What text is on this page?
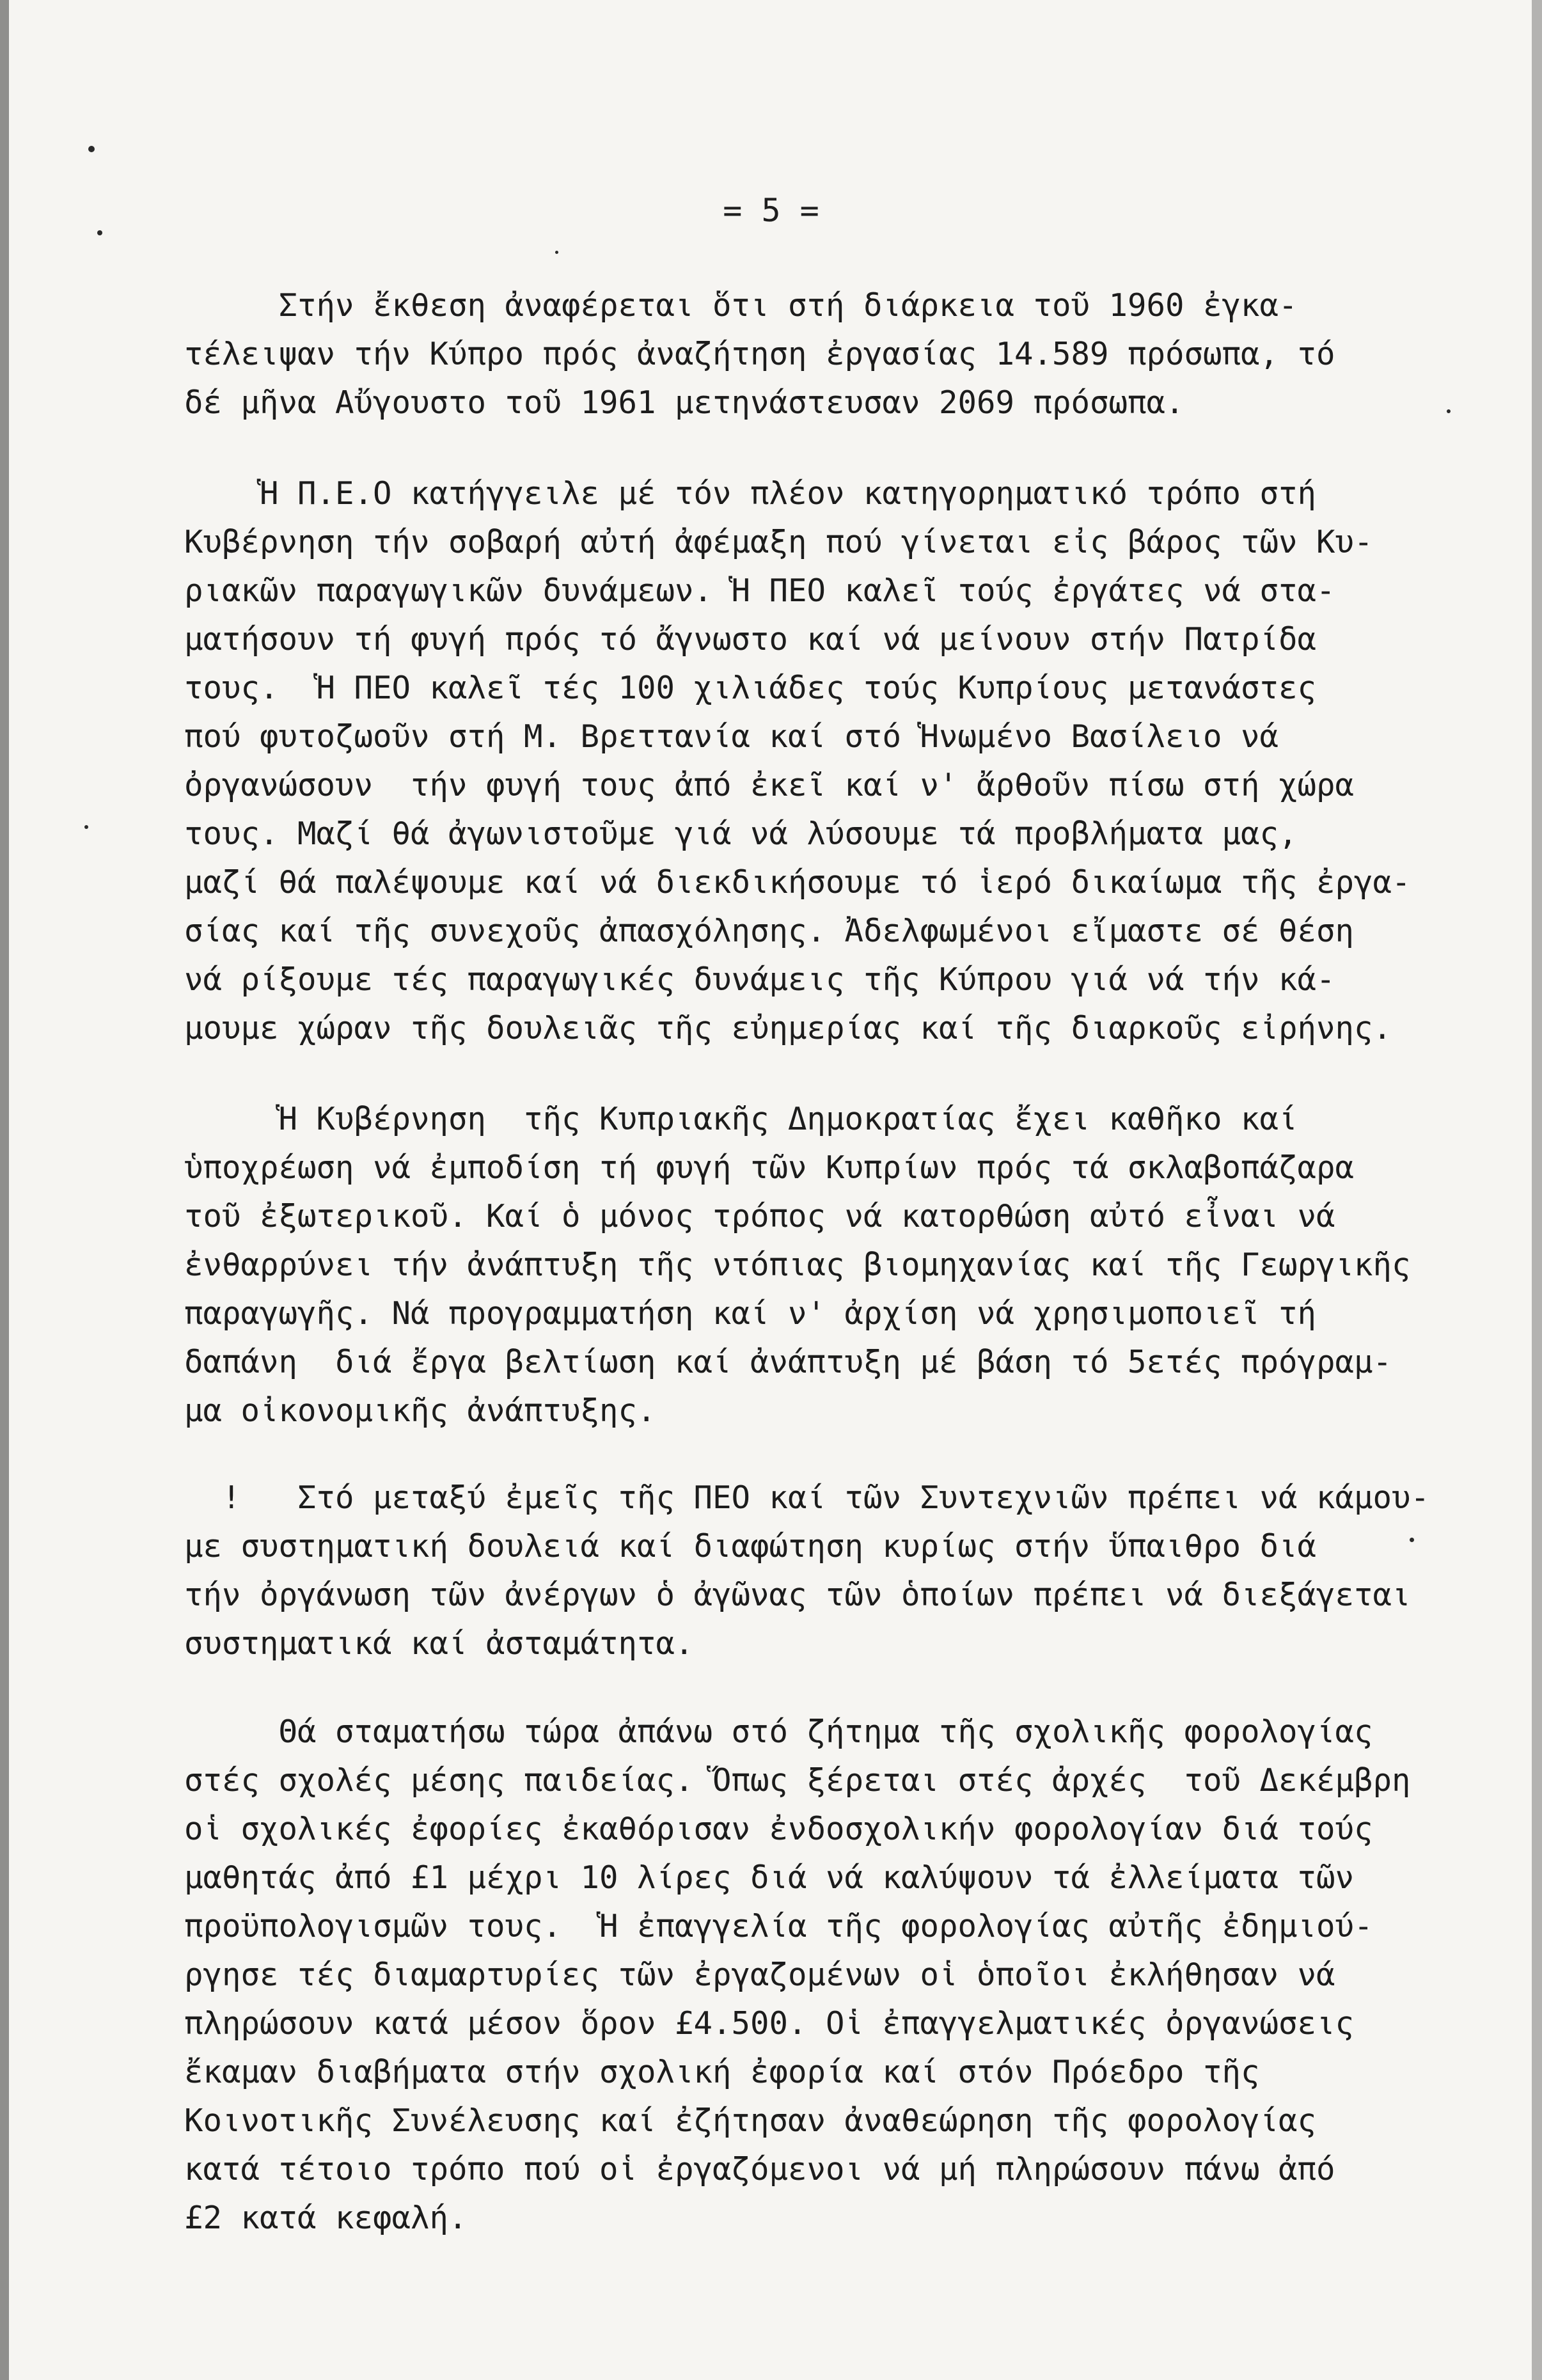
= 5 =
Στήν ἔκθεση ἀναφέρεται ὅτι στή διάρκεια τοῦ 1960 ἐγκα-
τέλειψαν τήν Κύπρο πρός ἀναζήτηση ἐργασίας 14.589 πρόσωπα, τό
δέ μῆνα Αὔγουστο τοῦ 1961 μετηνάστευσαν 2069 πρόσωπα.
Ἡ Π.Ε.Ο κατήγγειλε μέ τόν πλέον κατηγορηματικό τρόπο στή
Κυβέρνηση τήν σοβαρή αὐτή ἀφέμαξη πού γίνεται εἰς βάρος τῶν Κυ-
ριακῶν παραγωγικῶν δυνάμεων. Ἡ ΠΕΟ καλεῖ τούς ἐργάτες νά στα-
ματήσουν τή φυγή πρός τό ἄγνωστο καί νά μείνουν στήν Πατρίδα
τους.  Ἡ ΠΕΟ καλεῖ τές 100 χιλιάδες τούς Κυπρίους μετανάστες
πού φυτοζωοῦν στή Μ. Βρεττανία καί στό Ἡνωμένο Βασίλειο νά
ὀργανώσουν  τήν φυγή τους ἀπό ἐκεῖ καί ν' ἄρθοῦν πίσω στή χώρα
τους. Μαζί θά ἀγωνιστοῦμε γιά νά λύσουμε τά προβλήματα μας,
μαζί θά παλέψουμε καί νά διεκδικήσουμε τό ἱερό δικαίωμα τῆς ἐργα-
σίας καί τῆς συνεχοῦς ἀπασχόλησης. Ἀδελφωμένοι εἴμαστε σέ θέση
νά ρίξουμε τές παραγωγικές δυνάμεις τῆς Κύπρου γιά νά τήν κά-
μουμε χώραν τῆς δουλειᾶς τῆς εὐημερίας καί τῆς διαρκοῦς εἰρήνης.
Ἡ Κυβέρνηση  τῆς Κυπριακῆς Δημοκρατίας ἔχει καθῆκο καί
ὑποχρέωση νά ἐμποδίση τή φυγή τῶν Κυπρίων πρός τά σκλαβοπάζαρα
τοῦ ἐξωτερικοῦ. Καί ὁ μόνος τρόπος νά κατορθώση αὐτό εἶναι νά
ἐνθαρρύνει τήν ἀνάπτυξη τῆς ντόπιας βιομηχανίας καί τῆς Γεωργικῆς
παραγωγῆς. Νά προγραμματήση καί ν' ἀρχίση νά χρησιμοποιεῖ τή
δαπάνη  διά ἔργα βελτίωση καί ἀνάπτυξη μέ βάση τό 5ετές πρόγραμ-
μα οἰκονομικῆς ἀνάπτυξης.
!   Στό μεταξύ ἐμεῖς τῆς ΠΕΟ καί τῶν Συντεχνιῶν πρέπει νά κάμου-
με συστηματική δουλειά καί διαφώτηση κυρίως στήν ὕπαιθρο διά
τήν ὀργάνωση τῶν ἀνέργων ὁ ἀγῶνας τῶν ὁποίων πρέπει νά διεξάγεται
συστηματικά καί ἀσταμάτητα.
Θά σταματήσω τώρα ἀπάνω στό ζήτημα τῆς σχολικῆς φορολογίας
στές σχολές μέσης παιδείας. Ὅπως ξέρεται στές ἀρχές  τοῦ Δεκέμβρη
οἱ σχολικές ἐφορίες ἐκαθόρισαν ἐνδοσχολικήν φορολογίαν διά τούς
μαθητάς ἀπό £1 μέχρι 10 λίρες διά νά καλύψουν τά ἐλλείματα τῶν
προϋπολογισμῶν τους.  Ἡ ἐπαγγελία τῆς φορολογίας αὐτῆς ἐδημιού-
ργησε τές διαμαρτυρίες τῶν ἐργαζομένων οἱ ὁποῖοι ἐκλήθησαν νά
πληρώσουν κατά μέσον ὅρον £4.500. Οἱ ἐπαγγελματικές ὀργανώσεις
ἔκαμαν διαβήματα στήν σχολική ἐφορία καί στόν Πρόεδρο τῆς
Κοινοτικῆς Συνέλευσης καί ἐζήτησαν ἀναθεώρηση τῆς φορολογίας
κατά τέτοιο τρόπο πού οἱ ἐργαζόμενοι νά μή πληρώσουν πάνω ἀπό
£2 κατά κεφαλή.
